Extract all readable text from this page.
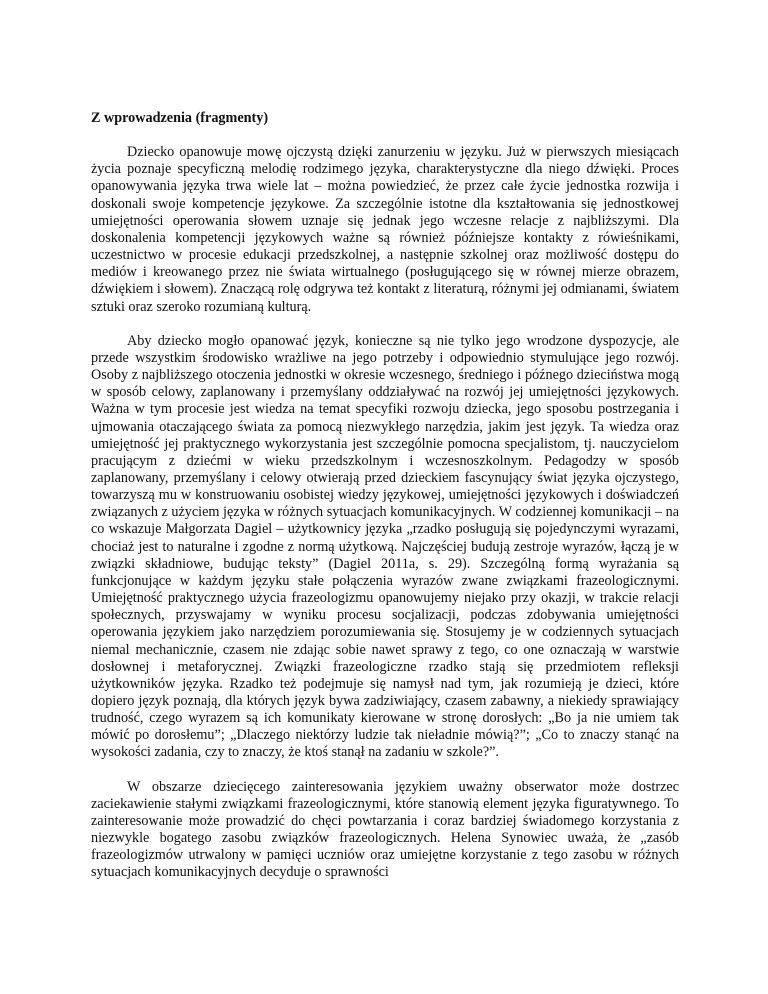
Z wprowadzenia (fragmenty)

Dziecko opanowuje mowę ojczystą dzięki zanurzeniu w języku. Już w pierwszych miesiącach życia poznaje specyficzną melodię rodzimego języka, charakterystyczne dla niego dźwięki. Proces opanowywania języka trwa wiele lat – można powiedzieć, że przez całe życie jednostka rozwija i doskonali swoje kompetencje językowe. Za szczególnie istotne dla kształtowania się jednostkowej umiejętności operowania słowem uznaje się jednak jego wczesne relacje z najbliższymi. Dla doskonalenia kompetencji językowych ważne są również późniejsze kontakty z rówieśnikami, uczestnictwo w procesie edukacji przedszkolnej, a następnie szkolnej oraz możliwość dostępu do mediów i kreowanego przez nie świata wirtualnego (posługującego się w równej mierze obrazem, dźwiękiem i słowem). Znaczącą rolę odgrywa też kontakt z literaturą, różnymi jej odmianami, światem sztuki oraz szeroko rozumianą kulturą.

Aby dziecko mogło opanować język, konieczne są nie tylko jego wrodzone dyspozycje, ale przede wszystkim środowisko wrażliwe na jego potrzeby i odpowiednio stymulujące jego rozwój. Osoby z najbliższego otoczenia jednostki w okresie wczesnego, średniego i późnego dzieciństwa mogą w sposób celowy, zaplanowany i przemyślany oddziaływać na rozwój jej umiejętności językowych. Ważna w tym procesie jest wiedza na temat specyfiki rozwoju dziecka, jego sposobu postrzegania i ujmowania otaczającego świata za pomocą niezwykłego narzędzia, jakim jest język. Ta wiedza oraz umiejętność jej praktycznego wykorzystania jest szczególnie pomocna specjalistom, tj. nauczycielom pracującym z dziećmi w wieku przedszkolnym i wczesnoszkolnym. Pedagodzy w sposób zaplanowany, przemyślany i celowy otwierają przed dzieckiem fascynujący świat języka ojczystego, towarzyszą mu w konstruowaniu osobistej wiedzy językowej, umiejętności językowych i doświadczeń związanych z użyciem języka w różnych sytuacjach komunikacyjnych. W codziennej komunikacji – na co wskazuje Małgorzata Dagiel – użytkownicy języka „rzadko posługują się pojedynczymi wyrazami, chociaż jest to naturalne i zgodne z normą użytkową. Najczęściej budują zestroje wyrazów, łączą je w związki składniowe, budując teksty” (Dagiel 2011a, s. 29). Szczególną formą wyrażania są funkcjonujące w każdym języku stałe połączenia wyrazów zwane związkami frazeologicznymi. Umiejętność praktycznego użycia frazeologizmu opanowujemy niejako przy okazji, w trakcie relacji społecznych, przyswajamy w wyniku procesu socjalizacji, podczas zdobywania umiejętności operowania językiem jako narzędziem porozumiewania się. Stosujemy je w codziennych sytuacjach niemal mechanicznie, czasem nie zdając sobie nawet sprawy z tego, co one oznaczają w warstwie dosłownej i metaforycznej. Związki frazeologiczne rzadko stają się przedmiotem refleksji użytkowników języka. Rzadko też podejmuje się namysł nad tym, jak rozumieją je dzieci, które dopiero język poznają, dla których język bywa zadziwiający, czasem zabawny, a niekiedy sprawiający trudność, czego wyrazem są ich komunikaty kierowane w stronę dorosłych: „Bo ja nie umiem tak mówić po dorosłemu”; „Dlaczego niektórzy ludzie tak nieładnie mówią?”; „Co to znaczy stanąć na wysokości zadania, czy to znaczy, że ktoś stanął na zadaniu w szkole?”.

W obszarze dziecięcego zainteresowania językiem uważny obserwator może dostrzec zaciekawienie stałymi związkami frazeologicznymi, które stanowią element języka figuratywnego. To zainteresowanie może prowadzić do chęci powtarzania i coraz bardziej świadomego korzystania z niezwykle bogatego zasobu związków frazeologicznych. Helena Synowiec uważa, że „zasób frazeologizmów utrwalony w pamięci uczniów oraz umiejętne korzystanie z tego zasobu w różnych sytuacjach komunikacyjnych decyduje o sprawności
